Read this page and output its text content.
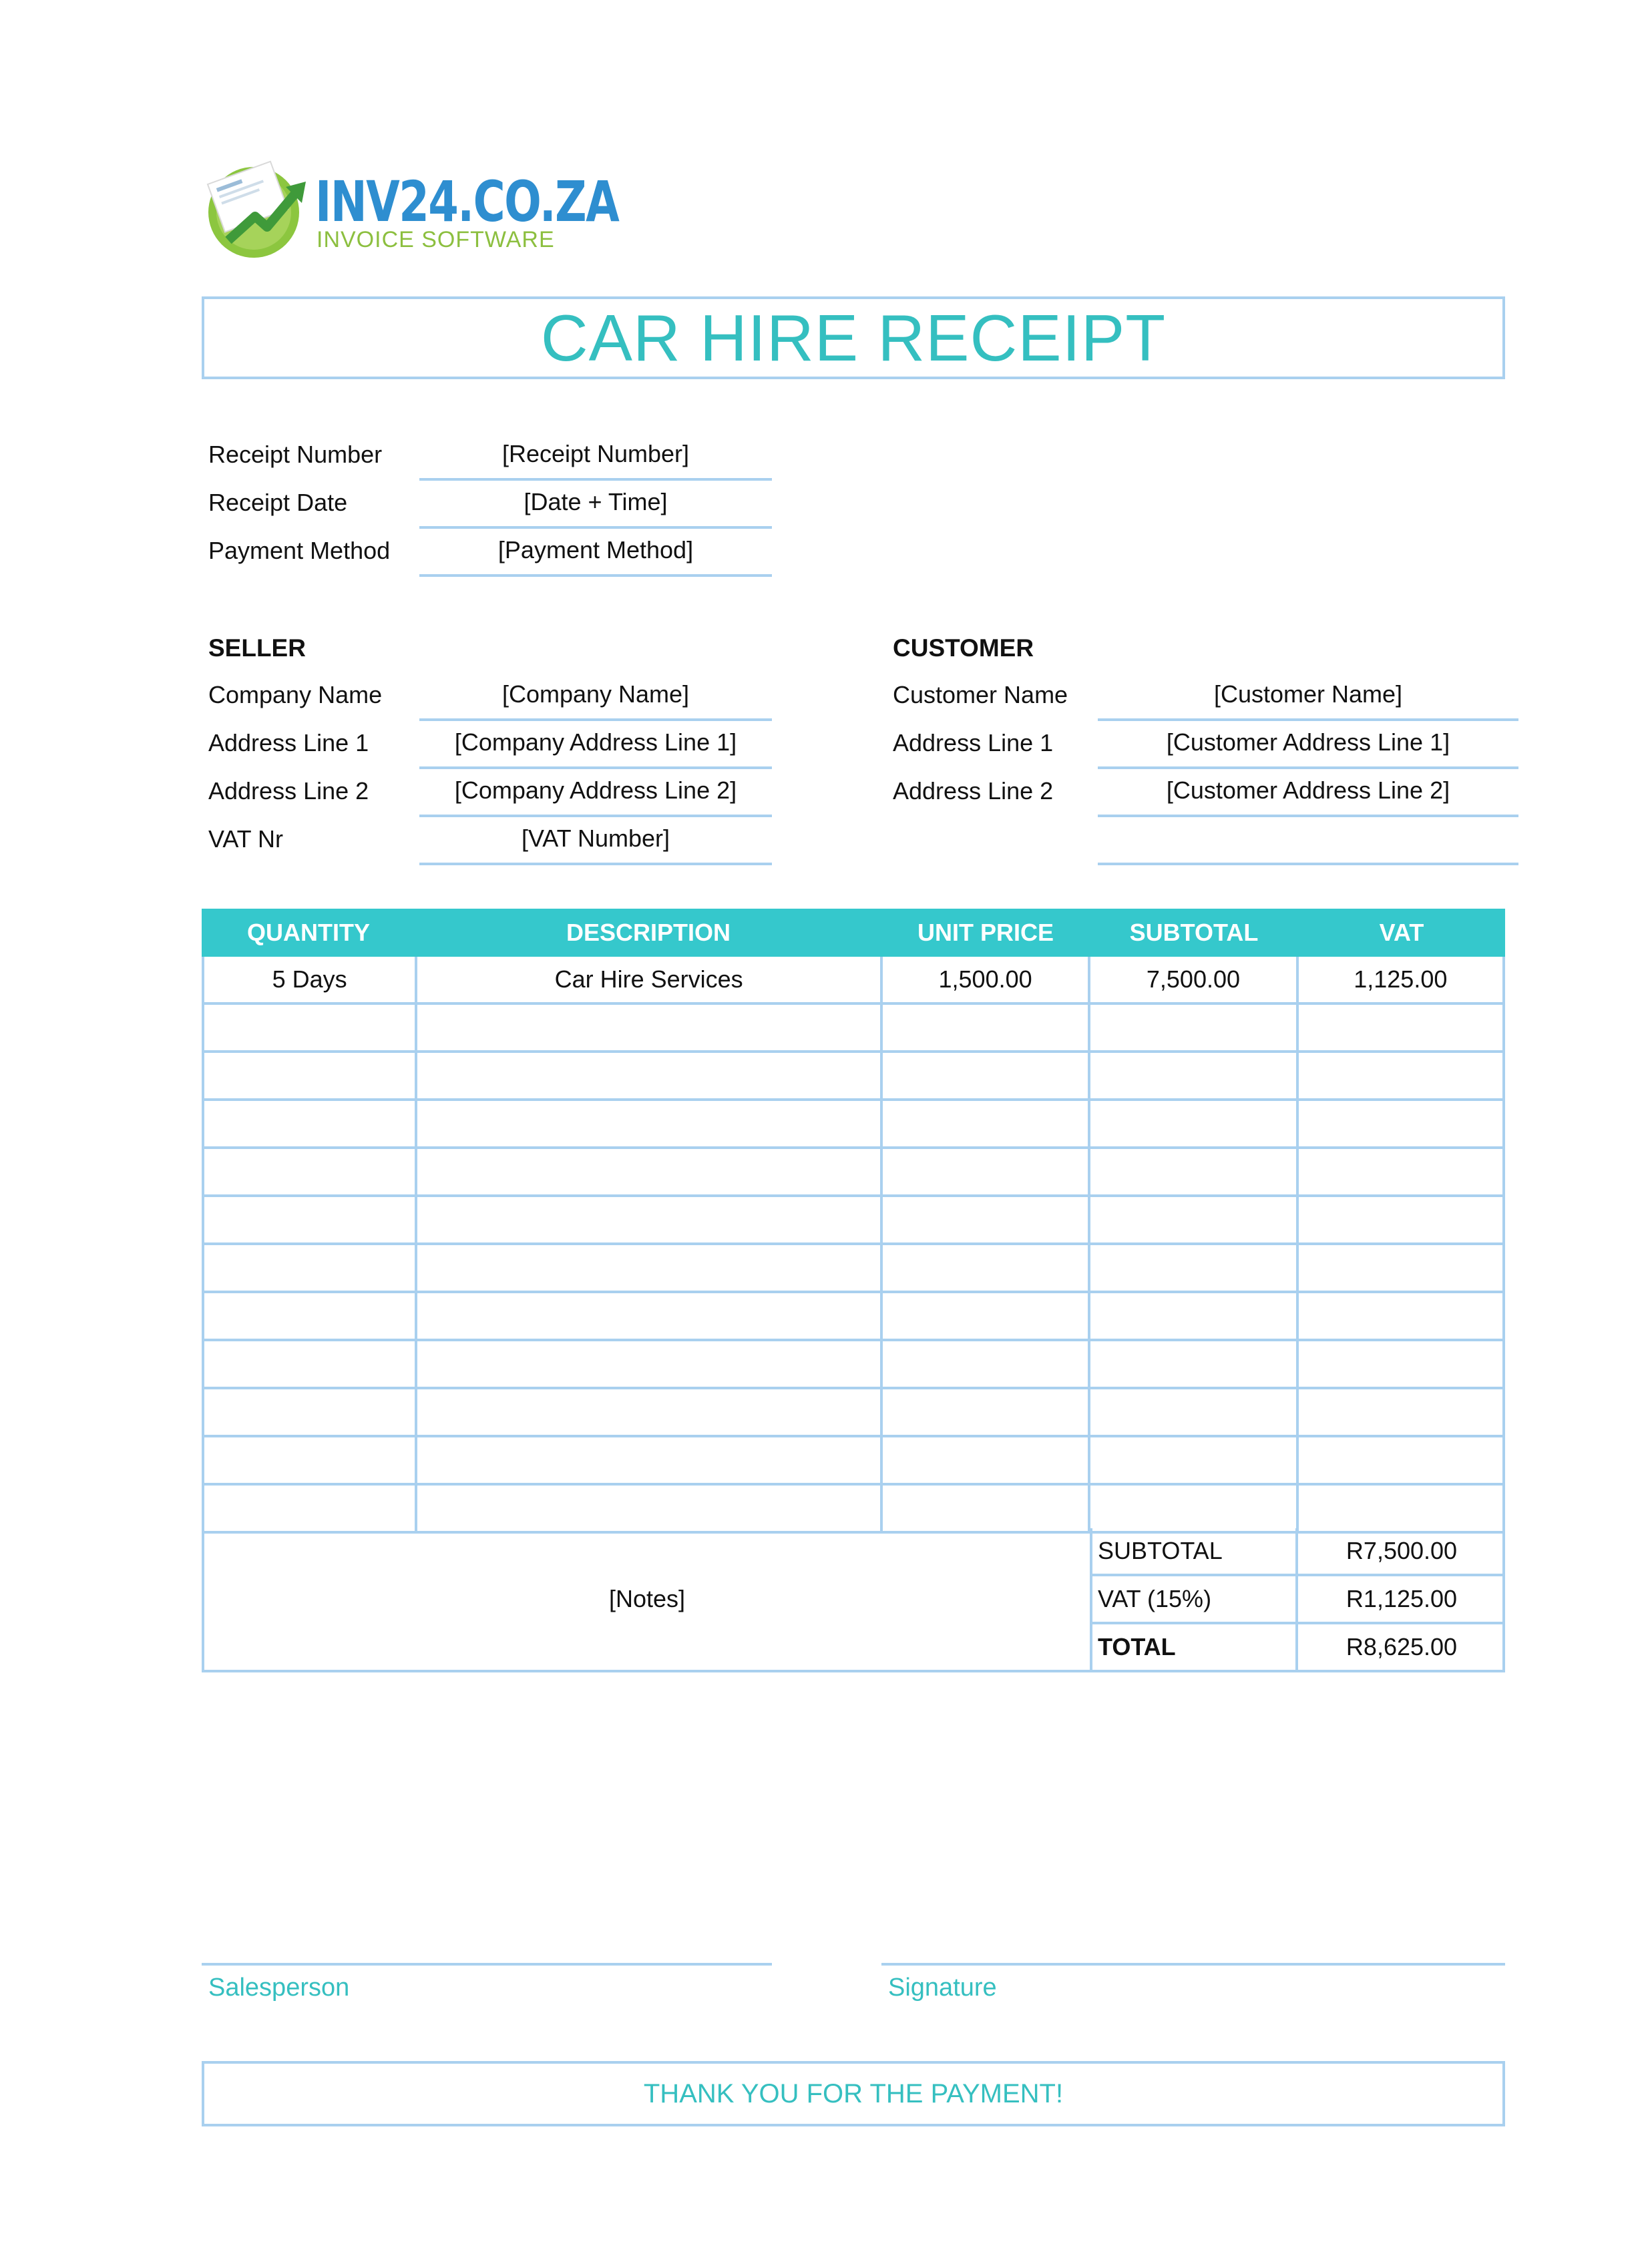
INV24.CO.ZA
INVOICE SOFTWARE
CAR HIRE RECEIPT
Receipt Number	[Receipt Number]
Receipt Date	[Date + Time]
Payment Method	[Payment Method]
SELLER
Company Name	[Company Name]
Address Line 1	[Company Address Line 1]
Address Line 2	[Company Address Line 2]
VAT Nr	[VAT Number]
CUSTOMER
Customer Name	[Customer Name]
Address Line 1	[Customer Address Line 1]
Address Line 2	[Customer Address Line 2]
QUANTITY	DESCRIPTION	UNIT PRICE	SUBTOTAL	VAT
5 Days	Car Hire Services	1,500.00	7,500.00	1,125.00
[Notes]
SUBTOTAL	R7,500.00
VAT (15%)	R1,125.00
TOTAL	R8,625.00
Salesperson	Signature
THANK YOU FOR THE PAYMENT!
